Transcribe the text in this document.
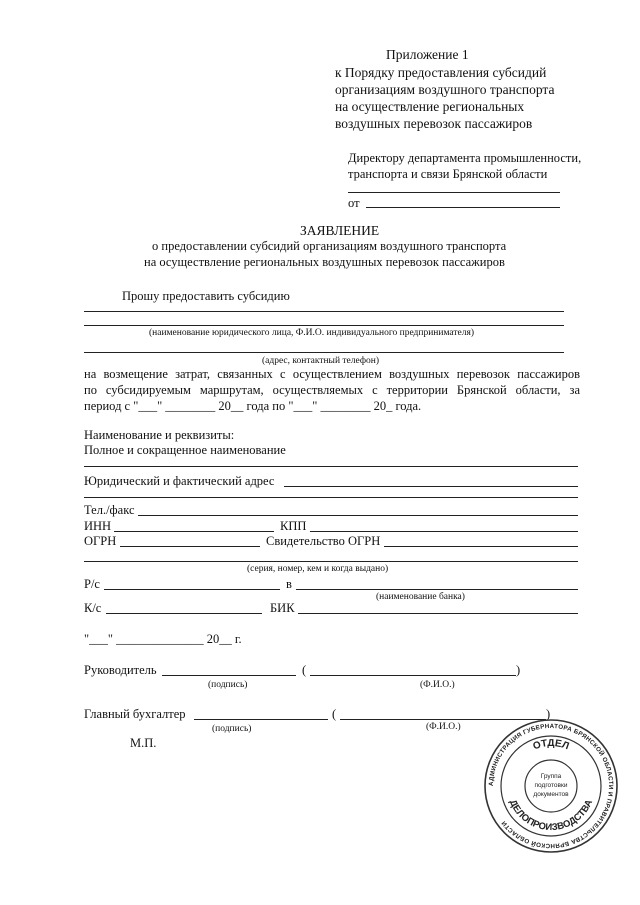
Приложение 1
к Порядку предоставления субсидий
организациям воздушного транспорта
на осуществление региональных
воздушных перевозок пассажиров
Директору департамента промышленности,
транспорта и связи Брянской области
от
ЗАЯВЛЕНИЕ
о предоставлении субсидий организациям воздушного транспорта
на осуществление региональных воздушных перевозок пассажиров
Прошу предоставить субсидию
(наименование юридического лица, Ф.И.О. индивидуального предпринимателя)
(адрес, контактный телефон)
на возмещение затрат, связанных с осуществлением воздушных перевозок пассажиров
по субсидируемым маршрутам, осуществляемых с территории Брянской области, за
период с "___" ________ 20__ года по "___" ________ 20_ года.
Наименование и реквизиты:
Полное и сокращенное наименование
Юридический и фактический адрес
Тел./факс
ИНН	КПП
ОГРН	Свидетельство ОГРН
(серия, номер, кем и когда выдано)
Р/с	в
(наименование банка)
К/с	БИК
"___" ______________ 20__ г.
Руководитель	(	)
(подпись)	(Ф.И.О.)
Главный бухгалтер	(	)
(подпись)	(Ф.И.О.)
М.П.
АДМИНИСТРАЦИЯ ГУБЕРНАТОРА БРЯНСКОЙ ОБЛАСТИ И ПРАВИТЕЛЬСТВА БРЯНСКОЙ ОБЛАСТИ
ОТДЕЛ
ДЕЛОПРОИЗВОДСТВА
Группа
подготовки
документов
